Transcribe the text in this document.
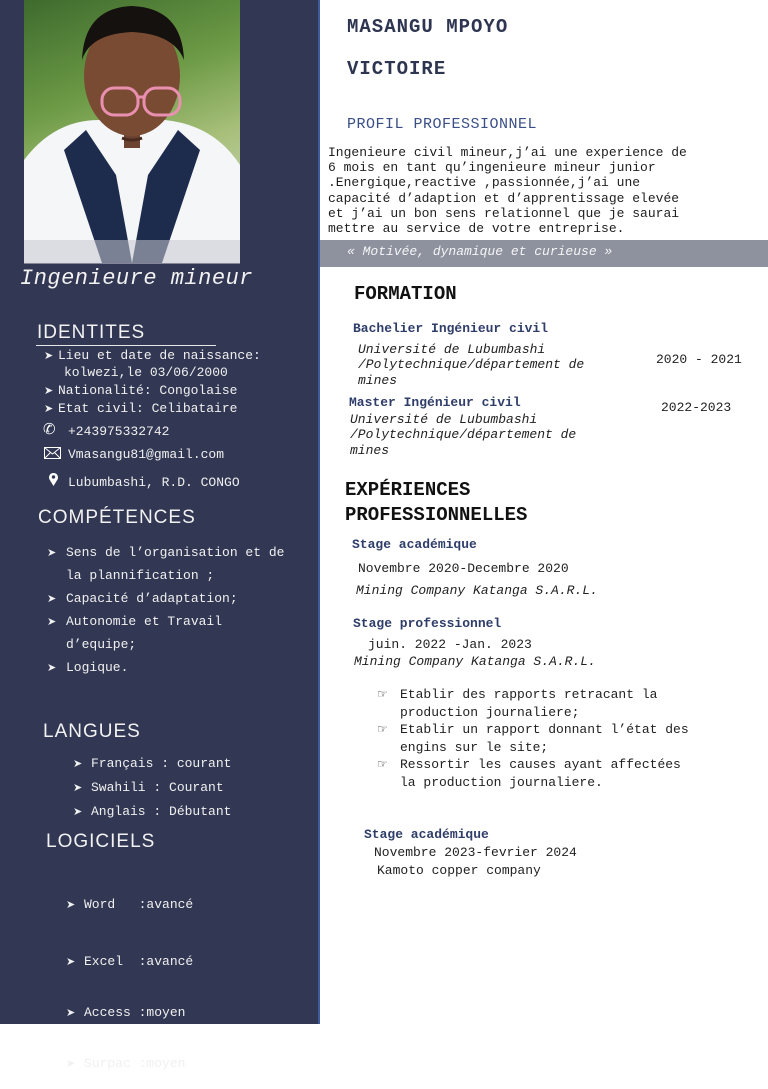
Ingenieure mineur
IDENTITES
➤ Lieu et date de naissance:
kolwezi,le 03/06/2000
➤ Nationalité: Congolaise
➤ Etat civil: Celibataire
✆ +243975332742
Vmasangu81@gmail.com
Lubumbashi, R.D. CONGO
COMPÉTENCES
➤ Sens de l’organisation et de
la plannification ;
➤ Capacité d’adaptation;
➤ Autonomie et Travail
d’equipe;
➤ Logique.
LANGUES
➤ Français : courant
➤ Swahili : Courant
➤ Anglais : Débutant
LOGICIELS

➤ Word   :avancé

➤ Excel  :avancé

➤ Access :moyen

➤ Surpac :moyen

MASANGU MPOYO
VICTOIRE
PROFIL PROFESSIONNEL
Ingenieure civil mineur,j’ai une experience de
6 mois en tant qu’ingenieure mineur junior
.Energique,reactive ,passionnée,j’ai une
capacité d’adaption et d’apprentissage elevée
et j’ai un bon sens relationnel que je saurai
mettre au service de votre entreprise.
« Motivée, dynamique et curieuse »
FORMATION
Bachelier Ingénieur civil
Université de Lubumbashi
/Polytechnique/département de
mines
2020 - 2021
Master Ingénieur civil
Université de Lubumbashi
/Polytechnique/département de
mines
2022-2023
EXPÉRIENCES
PROFESSIONNELLES
Stage académique
Novembre 2020-Decembre 2020
Mining Company Katanga S.A.R.L.
Stage professionnel
juin. 2022 -Jan. 2023
Mining Company Katanga S.A.R.L.
☞ Etablir des rapports retracant la
production journaliere;
☞ Etablir un rapport donnant l’état des
engins sur le site;
☞ Ressortir les causes ayant affectées
la production journaliere.
Stage académique
Novembre 2023-fevrier 2024
Kamoto copper company
